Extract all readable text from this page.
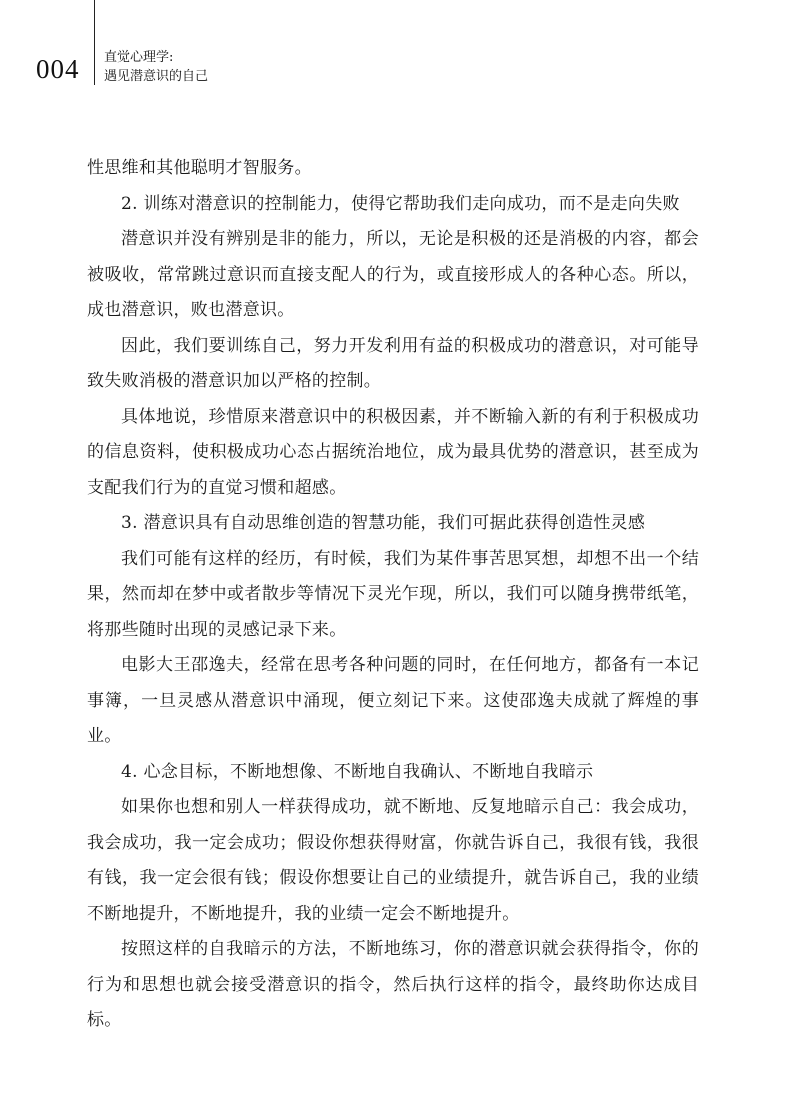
004 直觉心理学:
遇见潜意识的自己

性思维和其他聪明才智服务。

2. 训练对潜意识的控制能力，使得它帮助我们走向成功，而不是走向失败

潜意识并没有辨别是非的能力，所以，无论是积极的还是消极的内容，都会被吸收，常常跳过意识而直接支配人的行为，或直接形成人的各种心态。所以，成也潜意识，败也潜意识。

因此，我们要训练自己，努力开发利用有益的积极成功的潜意识，对可能导致失败消极的潜意识加以严格的控制。

具体地说，珍惜原来潜意识中的积极因素，并不断输入新的有利于积极成功的信息资料，使积极成功心态占据统治地位，成为最具优势的潜意识，甚至成为支配我们行为的直觉习惯和超感。

3. 潜意识具有自动思维创造的智慧功能，我们可据此获得创造性灵感

我们可能有这样的经历，有时候，我们为某件事苦思冥想，却想不出一个结果，然而却在梦中或者散步等情况下灵光乍现，所以，我们可以随身携带纸笔，将那些随时出现的灵感记录下来。

电影大王邵逸夫，经常在思考各种问题的同时，在任何地方，都备有一本记事簿，一旦灵感从潜意识中涌现，便立刻记下来。这使邵逸夫成就了辉煌的事业。

4. 心念目标，不断地想像、不断地自我确认、不断地自我暗示

如果你也想和别人一样获得成功，就不断地、反复地暗示自己：我会成功，我会成功，我一定会成功；假设你想获得财富，你就告诉自己，我很有钱，我很有钱，我一定会很有钱；假设你想要让自己的业绩提升，就告诉自己，我的业绩不断地提升，不断地提升，我的业绩一定会不断地提升。

按照这样的自我暗示的方法，不断地练习，你的潜意识就会获得指令，你的行为和思想也就会接受潜意识的指令，然后执行这样的指令，最终助你达成目标。
